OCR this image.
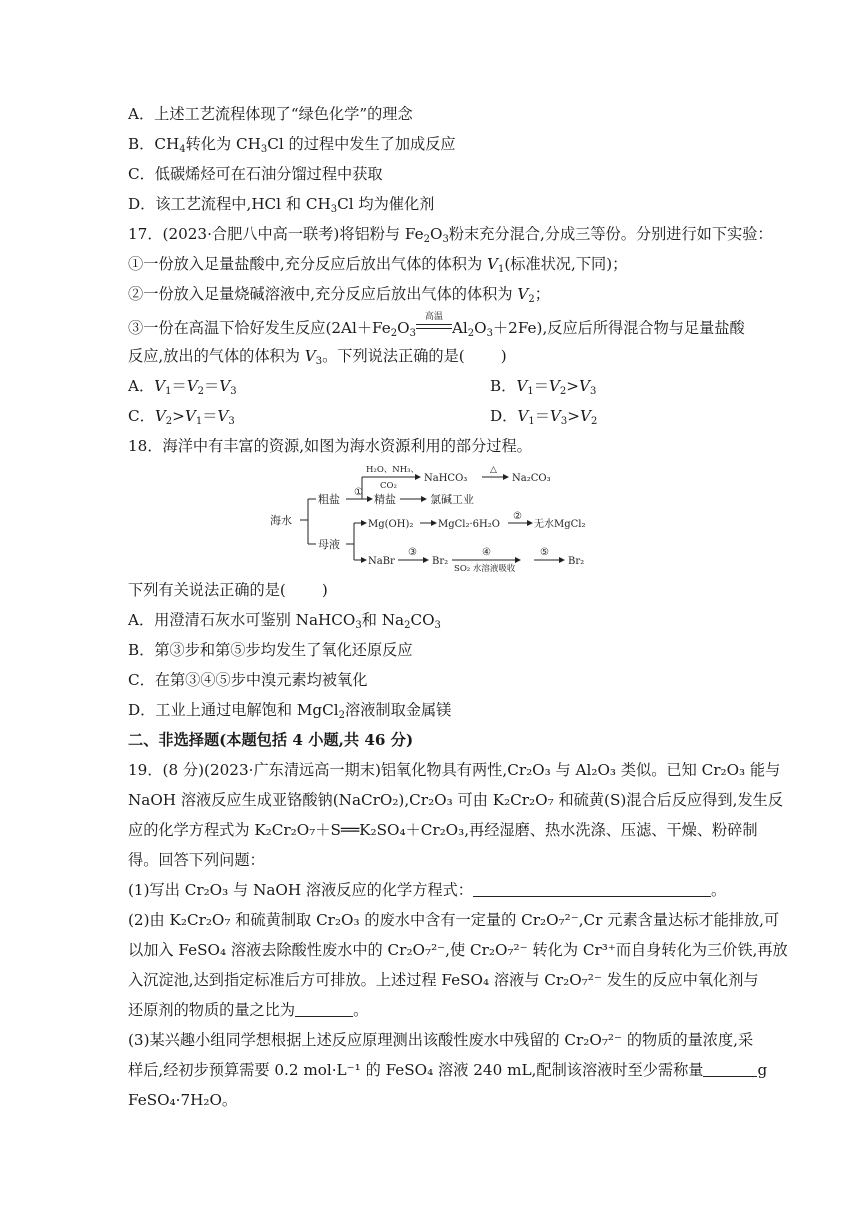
A．上述工艺流程体现了“绿色化学”的理念
B．$CH_4$转化为 $CH_3Cl$ 的过程中发生了加成反应
C．低碳烯烃可在石油分馏过程中获取
D．该工艺流程中,HCl 和 $CH_3Cl$ 均为催化剂
17．(2023·合肥八中高一联考)将铝粉与 $Fe_2O_3$粉末充分混合,分成三等份。分别进行如下实验：
①一份放入足量盐酸中,充分反应后放出气体的体积为 $V_1$(标准状况,下同)；
②一份放入足量烧碱溶液中,充分反应后放出气体的体积为 $V_2$；
③一份在高温下恰好发生反应($2Al+Fe_2O_3$
高温
$Al_2O_3+2Fe$),反应后所得混合物与足量盐酸
反应,放出的气体的体积为 $V_3$。下列说法正确的是( )
A．$V_1=V_2=V_3$	B．$V_1=V_2>V_3$
C．$V_2>V_1=V_3$	D．$V_1=V_3>V_2$
18．海洋中有丰富的资源,如图为海水资源利用的部分过程。
海水
粗盐
①
精盐	氯碱工业
H₂O、NH₃、
CO₂
NaHCO₃
△
Na₂CO₃
母液
Mg(OH)₂ MgCl₂·6H₂O
②
无水MgCl₂
NaBr
③
Br₂
④
SO₂ 水溶液吸收
⑤
Br₂
下列有关说法正确的是( )
A．用澄清石灰水可鉴别 NaHCO$_3$和 $Na_2CO_3$
B．第③步和第⑤步均发生了氧化还原反应
C．在第③④⑤步中溴元素均被氧化
D．工业上通过电解饱和 MgCl$_2$溶液制取金属镁
二、非选择题(本题包括 4 小题,共 46 分)
19．(8 分)(2023·广东清远高一期末)铝氧化物具有两性,Cr₂O₃ 与 Al₂O₃ 类似。已知 Cr₂O₃ 能与
NaOH 溶液反应生成亚铬酸钠(NaCrO₂),Cr₂O₃ 可由 K₂Cr₂O₇ 和硫黄(S)混合后反应得到,发生反
应的化学方程式为 K₂Cr₂O₇＋S══K₂SO₄＋Cr₂O₃,再经湿磨、热水洗涤、压滤、干燥、粉碎制
得。回答下列问题：
(1)写出 Cr₂O₃ 与 NaOH 溶液反应的化学方程式：	。
(2)由 K₂Cr₂O₇ 和硫黄制取 Cr₂O₃ 的废水中含有一定量的 Cr₂O₇²⁻,Cr 元素含量达标才能排放,可
以加入 FeSO₄ 溶液去除酸性废水中的 Cr₂O₇²⁻,使 Cr₂O₇²⁻ 转化为 Cr³⁺而自身转化为三价铁,再放
入沉淀池,达到指定标准后方可排放。上述过程 FeSO₄ 溶液与 Cr₂O₇²⁻ 发生的反应中氧化剂与
还原剂的物质的量之比为	。
(3)某兴趣小组同学想根据上述反应原理测出该酸性废水中残留的 Cr₂O₇²⁻ 的物质的量浓度,采
样后,经初步预算需要 0.2 mol·L⁻¹ 的 FeSO₄ 溶液 240 mL,配制该溶液时至少需称量	g
FeSO₄·7H₂O。
